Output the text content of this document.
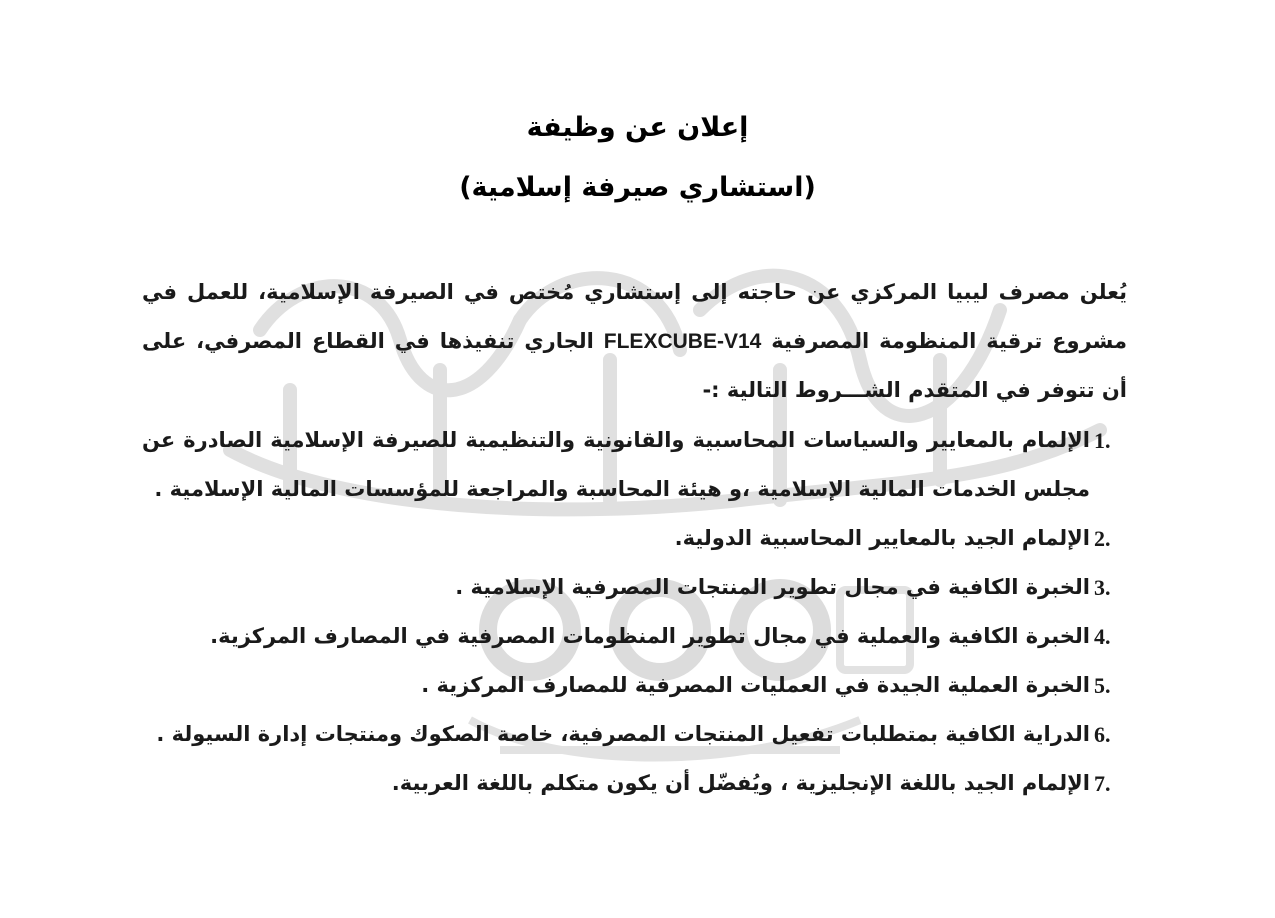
إعلان عن وظيفة
(استشاري صيرفة إسلامية)

يُعلن مصرف ليبيا المركزي عن حاجته إلى إستشاري مُختص في الصيرفة الإسلامية، للعمل في مشروع ترقية المنظومة المصرفية FLEXCUBE-V14 الجاري تنفيذها في القطاع المصرفي، على أن تتوفر في المتقدم الشـــروط التالية :-

1.
الإلمام بالمعايير والسياسات المحاسبية والقانونية والتنظيمية للصيرفة الإسلامية الصادرة عن مجلس الخدمات المالية الإسلامية ،و هيئة المحاسبة والمراجعة للمؤسسات المالية الإسلامية .
2.
الإلمام الجيد بالمعايير المحاسبية الدولية.
3.
الخبرة الكافية في مجال تطوير المنتجات المصرفية الإسلامية .
4.
الخبرة الكافية والعملية في مجال تطوير المنظومات المصرفية في المصارف المركزية.
5.
الخبرة العملية الجيدة في العمليات المصرفية للمصارف المركزية .
6.
الدراية الكافية بمتطلبات تفعيل المنتجات المصرفية، خاصة الصكوك ومنتجات إدارة السيولة .
7.
الإلمام الجيد باللغة الإنجليزية ، ويُفضّل أن يكون متكلم باللغة العربية.
